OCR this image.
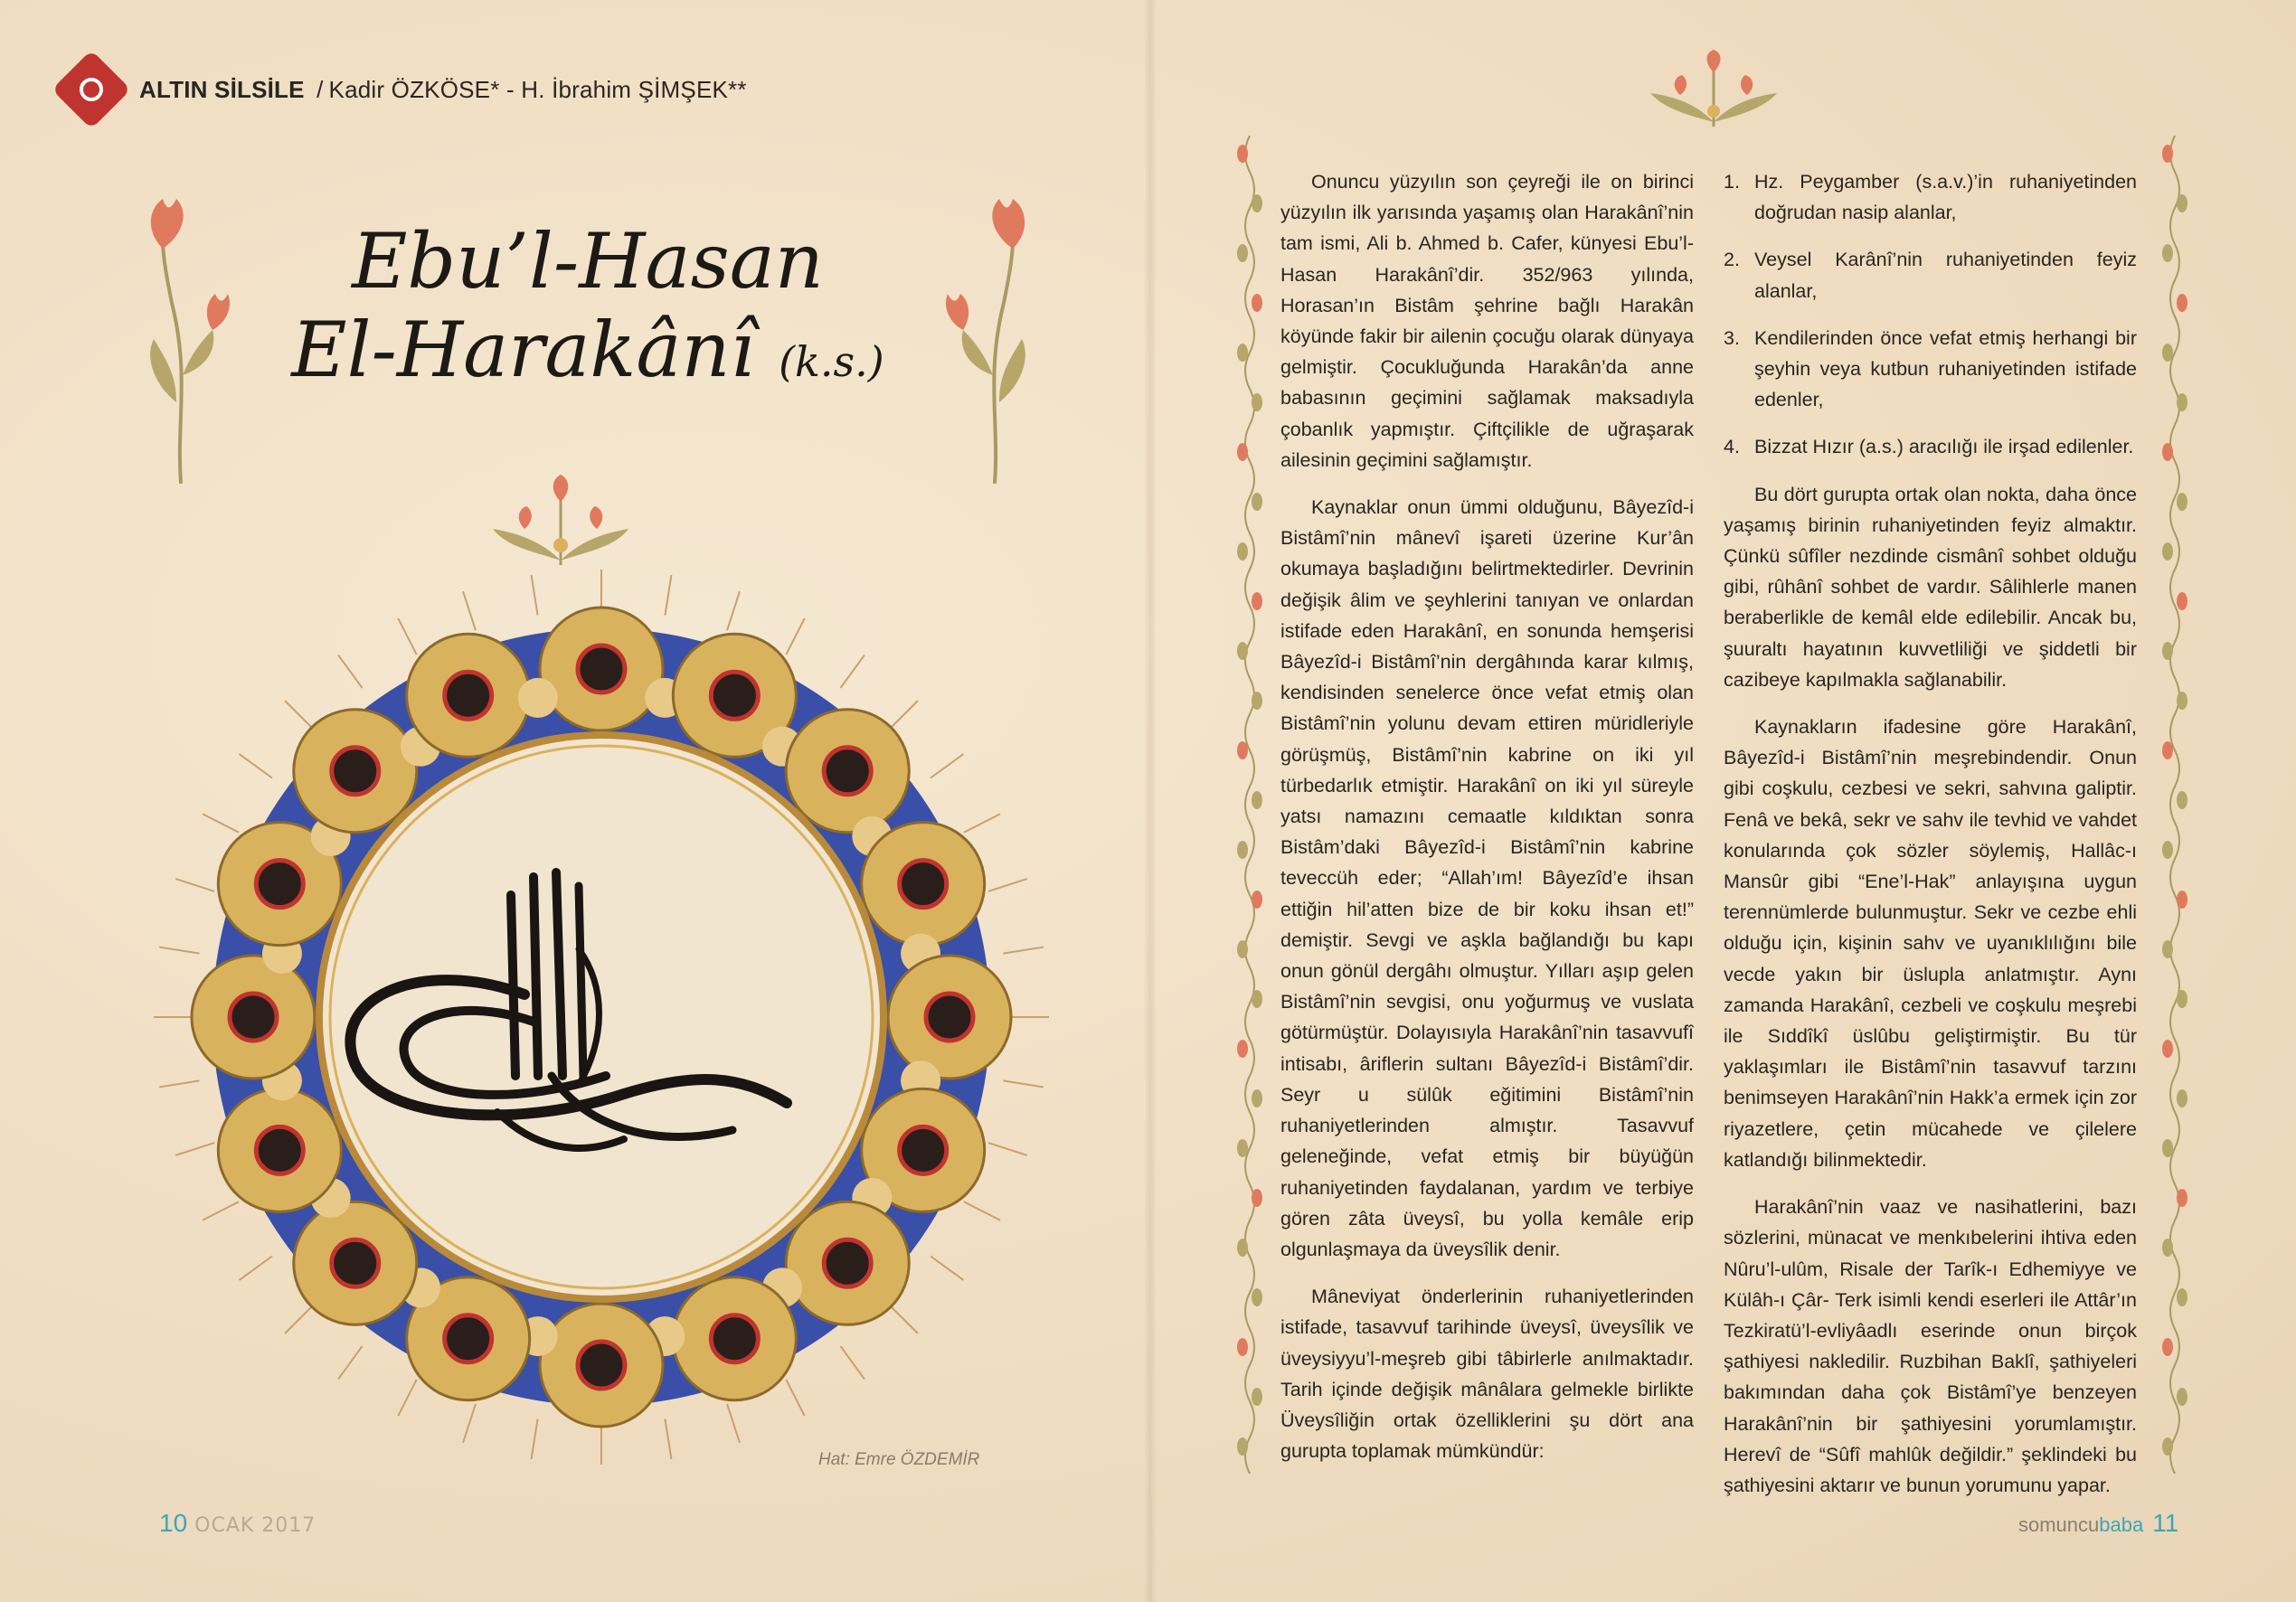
ALTIN SİLSİLE / Kadir ÖZKÖSE* - H. İbrahim ŞİMŞEK**
Ebu’l-Hasan
El-Harakânî (k.s.)
Hat: Emre ÖZDEMİR

Onuncu yüzyılın son çeyreği ile on birinci yüzyılın ilk yarısında yaşamış olan Harakânî’nin tam ismi, Ali b. Ahmed b. Cafer, künyesi Ebu’l-Hasan Harakânî’dir. 352/963 yılında, Horasan’ın Bistâm şehrine bağlı Harakân köyünde fakir bir ailenin çocuğu olarak dünyaya gelmiştir. Çocukluğunda Harakân’da anne babasının geçimini sağlamak maksadıyla çobanlık yapmıştır. Çiftçilikle de uğraşarak ailesinin geçimini sağlamıştır.

Kaynaklar onun ümmi olduğunu, Bâyezîd-i Bistâmî’nin mânevî işareti üzerine Kur’ân okumaya başladığını belirtmektedirler. Devrinin değişik âlim ve şeyhlerini tanıyan ve onlardan istifade eden Harakânî, en sonunda hemşerisi Bâyezîd-i Bistâmî’nin dergâhında karar kılmış, kendisinden senelerce önce vefat etmiş olan Bistâmî’nin yolunu devam ettiren müridleriyle görüşmüş, Bistâmî’nin kabrine on iki yıl türbedarlık etmiştir. Harakânî on iki yıl süreyle yatsı namazını cemaatle kıldıktan sonra Bistâm’daki Bâyezîd-i Bistâmî’nin kabrine teveccüh eder; “Allah’ım! Bâyezîd’e ihsan ettiğin hil’atten bize de bir koku ihsan et!” demiştir. Sevgi ve aşkla bağlandığı bu kapı onun gönül dergâhı olmuştur. Yılları aşıp gelen Bistâmî’nin sevgisi, onu yoğurmuş ve vuslata götürmüştür. Dolayısıyla Harakânî’nin tasavvufî intisabı, âriflerin sultanı Bâyezîd-i Bistâmî’dir. Seyr u sülûk eğitimini Bistâmî’nin ruhaniyetlerinden almıştır. Tasavvuf geleneğinde, vefat etmiş bir büyüğün ruhaniyetinden faydalanan, yardım ve terbiye gören zâta üveysî, bu yolla kemâle erip olgunlaşmaya da üveysîlik denir.

Mâneviyat önderlerinin ruhaniyetlerinden istifade, tasavvuf tarihinde üveysî, üveysîlik ve üveysiyyu’l-meşreb gibi tâbirlerle anılmaktadır. Tarih içinde değişik mânâlara gelmekle birlikte Üveysîliğin ortak özelliklerini şu dört ana gurupta toplamak mümkündür:

1. Hz. Peygamber (s.a.v.)’in ruhaniyetinden doğrudan nasip alanlar,
2. Veysel Karânî’nin ruhaniyetinden feyiz alanlar,
3. Kendilerinden önce vefat etmiş herhangi bir şeyhin veya kutbun ruhaniyetinden istifade edenler,
4. Bizzat Hızır (a.s.) aracılığı ile irşad edilenler.

Bu dört gurupta ortak olan nokta, daha önce yaşamış birinin ruhaniyetinden feyiz almaktır. Çünkü sûfîler nezdinde cismânî sohbet olduğu gibi, rûhânî sohbet de vardır. Sâlihlerle manen beraberlikle de kemâl elde edilebilir. Ancak bu, şuuraltı hayatının kuvvetliliği ve şiddetli bir cazibeye kapılmakla sağlanabilir.

Kaynakların ifadesine göre Harakânî, Bâyezîd-i Bistâmî’nin meşrebindendir. Onun gibi coşkulu, cezbesi ve sekri, sahvına galiptir. Fenâ ve bekâ, sekr ve sahv ile tevhid ve vahdet konularında çok sözler söylemiş, Hallâc-ı Mansûr gibi “Ene’l-Hak” anlayışına uygun terennümlerde bulunmuştur. Sekr ve cezbe ehli olduğu için, kişinin sahv ve uyanıklılığını bile vecde yakın bir üslupla anlatmıştır. Aynı zamanda Harakânî, cezbeli ve coşkulu meşrebi ile Sıddîkî üslûbu geliştirmiştir. Bu tür yaklaşımları ile Bistâmî’nin tasavvuf tarzını benimseyen Harakânî’nin Hakk’a ermek için zor riyazetlere, çetin mücahede ve çilelere katlandığı bilinmektedir.

Harakânî’nin vaaz ve nasihatlerini, bazı sözlerini, münacat ve menkıbelerini ihtiva eden Nûru’l-ulûm, Risale der Tarîk-ı Edhemiyye ve Külâh-ı Çâr- Terk isimli kendi eserleri ile Attâr’ın Tezkiratü’l-evliyâadlı eserinde onun birçok şathiyesi nakledilir. Ruzbihan Baklî, şathiyeleri bakımından daha çok Bistâmî’ye benzeyen Harakânî’nin bir şathiyesini yorumlamıştır. Herevî de “Sûfî mahlûk değildir.” şeklindeki bu şathiyesini aktarır ve bunun yorumunu yapar.

10 OCAK 2017	somuncubaba 11
